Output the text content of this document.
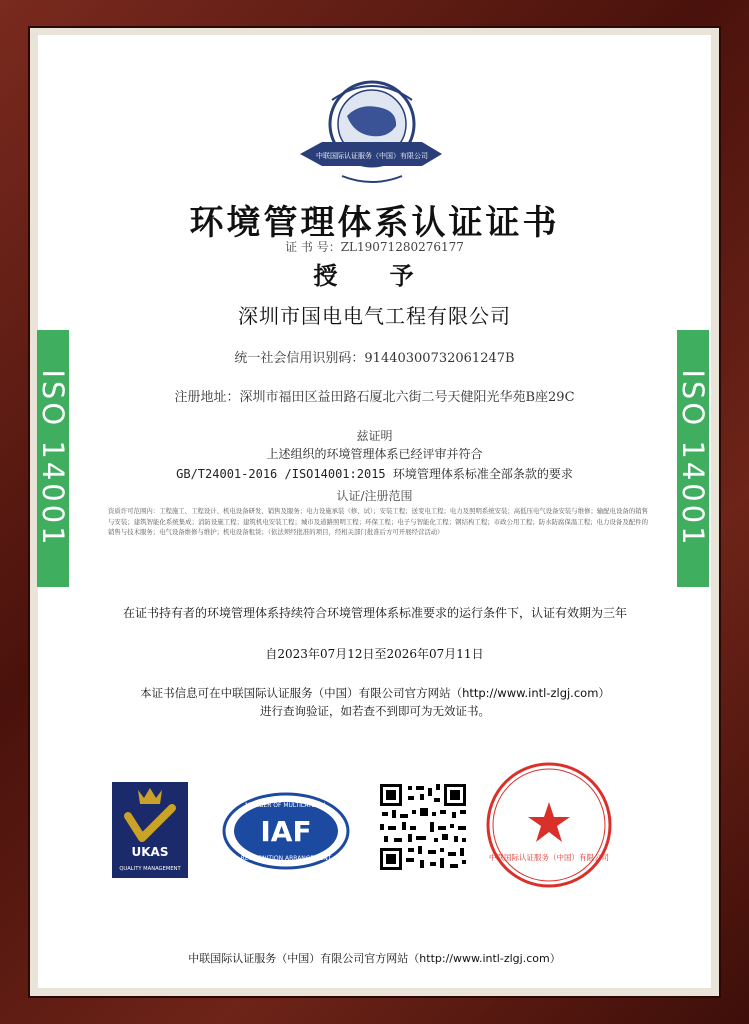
ISO 14001	ISO 14001
中联国际认证服务（中国）有限公司
环境管理体系认证证书
证 书 号：ZL19071280276177
授 予
深圳市国电电气工程有限公司
统一社会信用识别码：91440300732061247B
注册地址：深圳市福田区益田路石厦北六街二号天健阳光华苑B座29C
兹证明
上述组织的环境管理体系已经评审并符合
GB/T24001-2016 /ISO14001:2015 环境管理体系标准全部条款的要求
认证/注册范围
资质许可范围内：工程施工、工程设计、机电设备研发、销售及服务；电力设施承装（修、试）；安装工程；送变电工程；电力及照明系统安装；高低压电气设备安装与维修；输配电设备的销售与安装；建筑智能化系统集成；消防设施工程；建筑机电安装工程；城市及道路照明工程；环保工程；电子与智能化工程；钢结构工程；市政公用工程；防水防腐保温工程；电力设备及配件的销售与技术服务；电气设备维修与维护；机电设备租赁；（依法须经批准的项目，经相关部门批准后方可开展经营活动）
在证书持有者的环境管理体系持续符合环境管理体系标准要求的运行条件下，认证有效期为三年
自2023年07月12日至2026年07月11日
本证书信息可在中联国际认证服务（中国）有限公司官方网站（http://www.intl-zlgj.com）进行查询验证，如若查不到即可为无效证书。
UKAS
QUALITY MANAGEMENT
IAF
MEMBER OF MULTILATERAL
RECOGNITION ARRANGEMENT	中联国际认证服务（中国）有限公司
中联国际认证服务（中国）有限公司官方网站（http://www.intl-zlgj.com）
